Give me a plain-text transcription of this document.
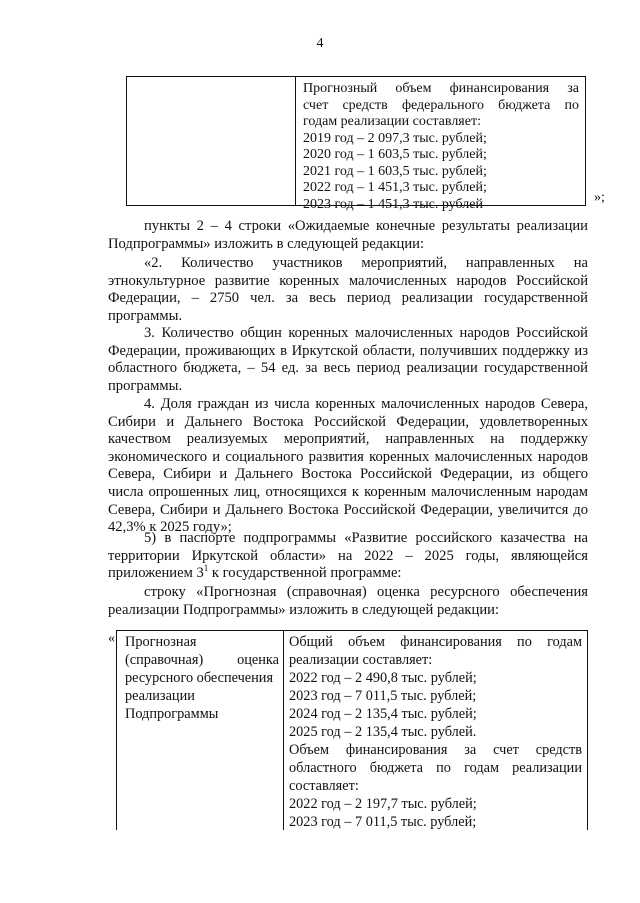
4
Прогнозный объем финансирования за
счет средств федерального бюджета по
годам реализации составляет:
2019 год – 2 097,3 тыс. рублей;
2020 год – 1 603,5 тыс. рублей;
2021 год – 1 603,5 тыс. рублей;
2022 год – 1 451,3 тыс. рублей;
2023 год – 1 451,3 тыс. рублей	»;
пункты 2 – 4 строки «Ожидаемые конечные результаты реализации Подпрограммы» изложить в следующей редакции:
«2. Количество участников мероприятий, направленных на этнокультурное развитие коренных малочисленных народов Российской Федерации, – 2750 чел. за весь период реализации государственной программы.
3. Количество общин коренных малочисленных народов Российской Федерации, проживающих в Иркутской области, получивших поддержку из областного бюджета, – 54 ед. за весь период реализации государственной программы.
4. Доля граждан из числа коренных малочисленных народов Севера, Сибири и Дальнего Востока Российской Федерации, удовлетворенных качеством реализуемых мероприятий, направленных на поддержку экономического и социального развития коренных малочисленных народов Севера, Сибири и Дальнего Востока Российской Федерации, из общего числа опрошенных лиц, относящихся к коренным малочисленным народам Севера, Сибири и Дальнего Востока Российской Федерации, увеличится до 42,3% к 2025 году»;
5) в паспорте подпрограммы «Развитие российского казачества на территории Иркутской области» на 2022 – 2025 годы, являющейся приложением $3^1$ к государственной программе:
строку «Прогнозная (справочная) оценка ресурсного обеспечения реализации Подпрограммы» изложить в следующей редакции:
« Прогнозная
(справочная) оценка
ресурсного обеспечения
реализации
Подпрограммы
Общий объем финансирования по годам
реализации составляет:
2022 год – 2 490,8 тыс. рублей;
2023 год – 7 011,5 тыс. рублей;
2024 год – 2 135,4 тыс. рублей;
2025 год – 2 135,4 тыс. рублей.
Объем финансирования за счет средств
областного бюджета по годам реализации
составляет:
2022 год – 2 197,7 тыс. рублей;
2023 год – 7 011,5 тыс. рублей;
